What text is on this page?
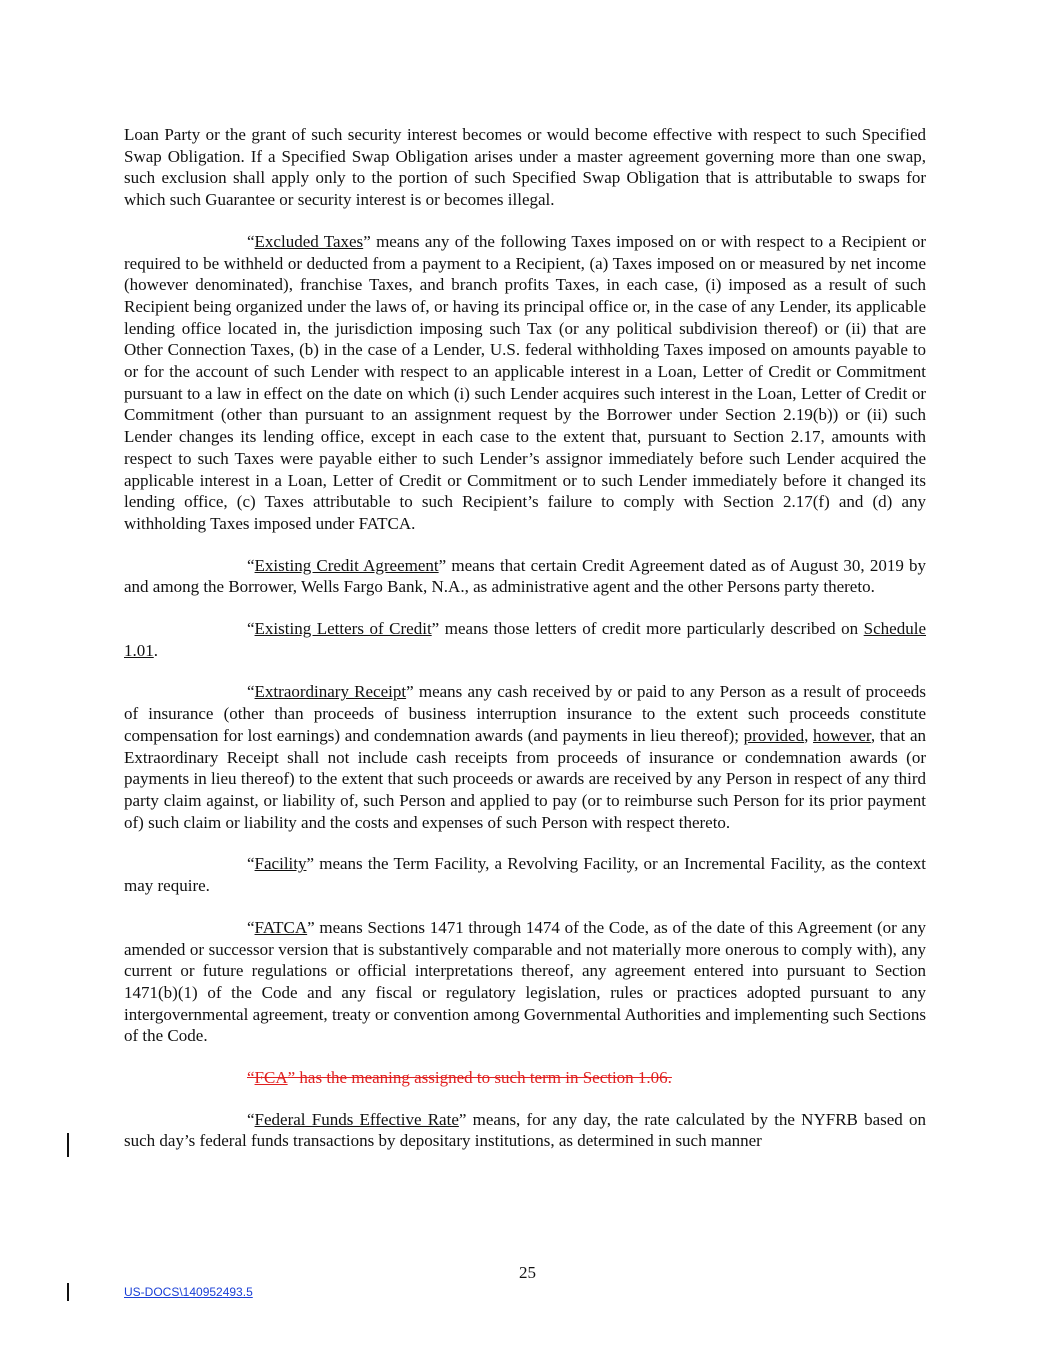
Loan Party or the grant of such security interest becomes or would become effective with respect to such Specified Swap Obligation. If a Specified Swap Obligation arises under a master agreement governing more than one swap, such exclusion shall apply only to the portion of such Specified Swap Obligation that is attributable to swaps for which such Guarantee or security interest is or becomes illegal.

“Excluded Taxes” means any of the following Taxes imposed on or with respect to a Recipient or required to be withheld or deducted from a payment to a Recipient, (a) Taxes imposed on or measured by net income (however denominated), franchise Taxes, and branch profits Taxes, in each case, (i) imposed as a result of such Recipient being organized under the laws of, or having its principal office or, in the case of any Lender, its applicable lending office located in, the jurisdiction imposing such Tax (or any political subdivision thereof) or (ii) that are Other Connection Taxes, (b) in the case of a Lender, U.S. federal withholding Taxes imposed on amounts payable to or for the account of such Lender with respect to an applicable interest in a Loan, Letter of Credit or Commitment pursuant to a law in effect on the date on which (i) such Lender acquires such interest in the Loan, Letter of Credit or Commitment (other than pursuant to an assignment request by the Borrower under Section 2.19(b)) or (ii) such Lender changes its lending office, except in each case to the extent that, pursuant to Section 2.17, amounts with respect to such Taxes were payable either to such Lender’s assignor immediately before such Lender acquired the applicable interest in a Loan, Letter of Credit or Commitment or to such Lender immediately before it changed its lending office, (c) Taxes attributable to such Recipient’s failure to comply with Section 2.17(f) and (d) any withholding Taxes imposed under FATCA.

“Existing Credit Agreement” means that certain Credit Agreement dated as of August 30, 2019 by and among the Borrower, Wells Fargo Bank, N.A., as administrative agent and the other Persons party thereto.

“Existing Letters of Credit” means those letters of credit more particularly described on Schedule 1.01.

“Extraordinary Receipt” means any cash received by or paid to any Person as a result of proceeds of insurance (other than proceeds of business interruption insurance to the extent such proceeds constitute compensation for lost earnings) and condemnation awards (and payments in lieu thereof); provided, however, that an Extraordinary Receipt shall not include cash receipts from proceeds of insurance or condemnation awards (or payments in lieu thereof) to the extent that such proceeds or awards are received by any Person in respect of any third party claim against, or liability of, such Person and applied to pay (or to reimburse such Person for its prior payment of) such claim or liability and the costs and expenses of such Person with respect thereto.

“Facility” means the Term Facility, a Revolving Facility, or an Incremental Facility, as the context may require.

“FATCA” means Sections 1471 through 1474 of the Code, as of the date of this Agreement (or any amended or successor version that is substantively comparable and not materially more onerous to comply with), any current or future regulations or official interpretations thereof, any agreement entered into pursuant to Section 1471(b)(1) of the Code and any fiscal or regulatory legislation, rules or practices adopted pursuant to any intergovernmental agreement, treaty or convention among Governmental Authorities and implementing such Sections of the Code.

“FCA” has the meaning assigned to such term in Section 1.06.

“Federal Funds Effective Rate” means, for any day, the rate calculated by the NYFRB based on such day’s federal funds transactions by depositary institutions, as determined in such manner

25
US-DOCS\140952493.5
